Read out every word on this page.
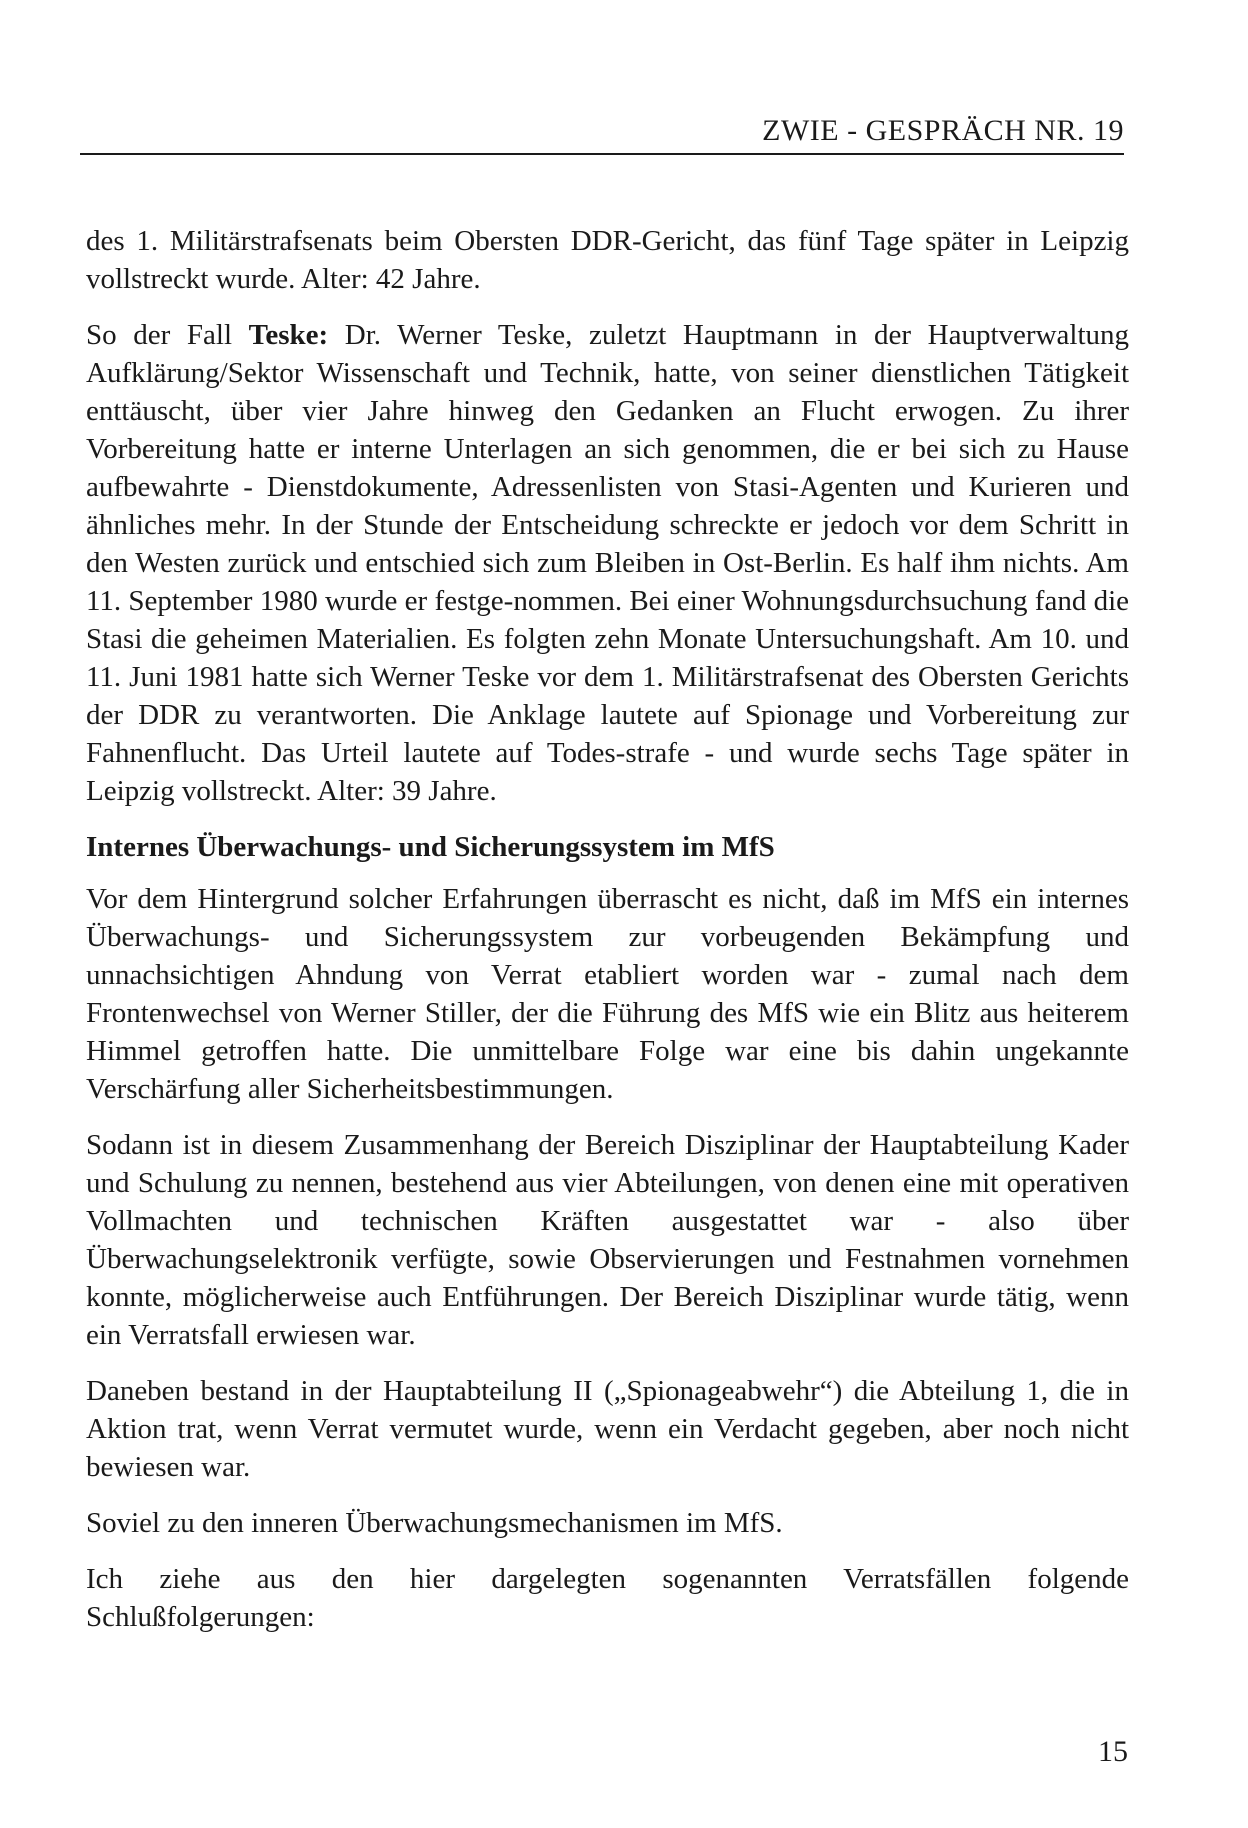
ZWIE - GESPRÄCH NR. 19

des 1. Militärstrafsenats beim Obersten DDR-Gericht, das fünf Tage später in Leipzig vollstreckt wurde. Alter: 42 Jahre.

So der Fall Teske: Dr. Werner Teske, zuletzt Hauptmann in der Hauptverwaltung Aufklärung/Sektor Wissenschaft und Technik, hatte, von seiner dienstlichen Tätigkeit enttäuscht, über vier Jahre hinweg den Gedanken an Flucht erwogen. Zu ihrer Vorbereitung hatte er interne Unterlagen an sich genommen, die er bei sich zu Hause aufbewahrte - Dienstdokumente, Adressenlisten von Stasi-Agenten und Kurieren und ähnliches mehr. In der Stunde der Entscheidung schreckte er jedoch vor dem Schritt in den Westen zurück und entschied sich zum Bleiben in Ost-Berlin. Es half ihm nichts. Am 11. September 1980 wurde er festge-nommen. Bei einer Wohnungsdurchsuchung fand die Stasi die geheimen Materialien. Es folgten zehn Monate Untersuchungshaft. Am 10. und 11. Juni 1981 hatte sich Werner Teske vor dem 1. Militärstrafsenat des Obersten Gerichts der DDR zu verantworten. Die Anklage lautete auf Spionage und Vorbereitung zur Fahnenflucht. Das Urteil lautete auf Todes-strafe - und wurde sechs Tage später in Leipzig vollstreckt. Alter: 39 Jahre.

Internes Überwachungs- und Sicherungssystem im MfS

Vor dem Hintergrund solcher Erfahrungen überrascht es nicht, daß im MfS ein internes Überwachungs- und Sicherungssystem zur vorbeugenden Bekämpfung und unnachsichtigen Ahndung von Verrat etabliert worden war - zumal nach dem Frontenwechsel von Werner Stiller, der die Führung des MfS wie ein Blitz aus heiterem Himmel getroffen hatte. Die unmittelbare Folge war eine bis dahin ungekannte Verschärfung aller Sicherheitsbestimmungen.

Sodann ist in diesem Zusammenhang der Bereich Disziplinar der Hauptabteilung Kader und Schulung zu nennen, bestehend aus vier Abteilungen, von denen eine mit operativen Vollmachten und technischen Kräften ausgestattet war - also über Überwachungselektronik verfügte, sowie Observierungen und Festnahmen vornehmen konnte, möglicherweise auch Entführungen. Der Bereich Disziplinar wurde tätig, wenn ein Verratsfall erwiesen war.

Daneben bestand in der Hauptabteilung II („Spionageabwehr“) die Abteilung 1, die in Aktion trat, wenn Verrat vermutet wurde, wenn ein Verdacht gegeben, aber noch nicht bewiesen war.

Soviel zu den inneren Überwachungsmechanismen im MfS.

Ich ziehe aus den hier dargelegten sogenannten Verratsfällen folgende Schlußfolgerungen:

15
